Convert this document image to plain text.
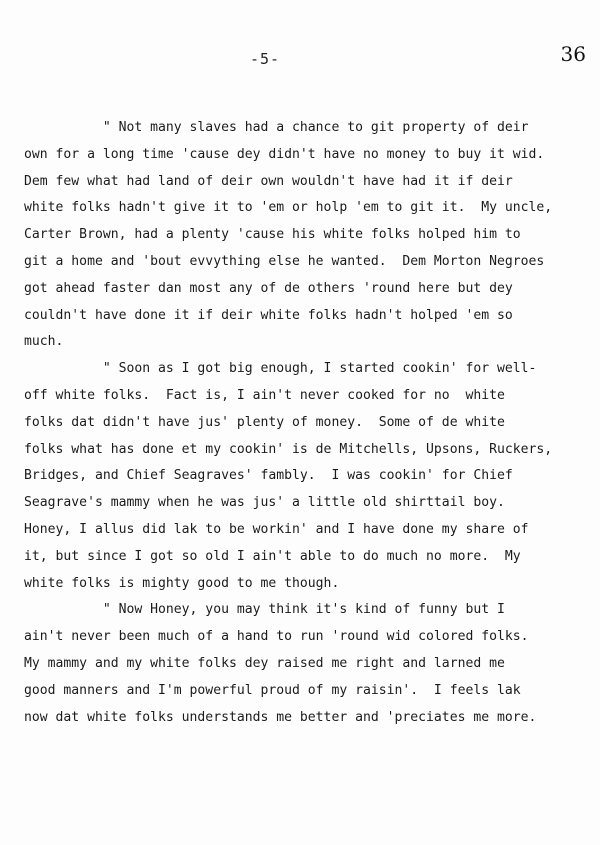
-5-	36
" Not many slaves had a chance to git property of deir
own for a long time 'cause dey didn't have no money to buy it wid.
Dem few what had land of deir own wouldn't have had it if deir
white folks hadn't give it to 'em or holp 'em to git it.  My uncle,
Carter Brown, had a plenty 'cause his white folks holped him to
git a home and 'bout evvything else he wanted.  Dem Morton Negroes
got ahead faster dan most any of de others 'round here but dey
couldn't have done it if deir white folks hadn't holped 'em so
much.
" Soon as I got big enough, I started cookin' for well-
off white folks.  Fact is, I ain't never cooked for no  white
folks dat didn't have jus' plenty of money.  Some of de white
folks what has done et my cookin' is de Mitchells, Upsons, Ruckers,
Bridges, and Chief Seagraves' fambly.  I was cookin' for Chief
Seagrave's mammy when he was jus' a little old shirttail boy.
Honey, I allus did lak to be workin' and I have done my share of
it, but since I got so old I ain't able to do much no more.  My
white folks is mighty good to me though.
" Now Honey, you may think it's kind of funny but I
ain't never been much of a hand to run 'round wid colored folks.
My mammy and my white folks dey raised me right and larned me
good manners and I'm powerful proud of my raisin'.  I feels lak
now dat white folks understands me better and 'preciates me more.
